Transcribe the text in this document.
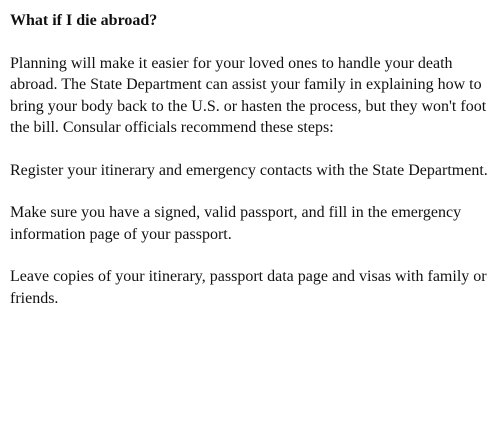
What if I die abroad?
Planning will make it easier for your loved ones to handle your death abroad. The State Department can assist your family in explaining how to bring your body back to the U.S. or hasten the process, but they won't foot the bill. Consular officials recommend these steps:
Register your itinerary and emergency contacts with the State Department.
Make sure you have a signed, valid passport, and fill in the emergency information page of your passport.
Leave copies of your itinerary, passport data page and visas with family or friends.
